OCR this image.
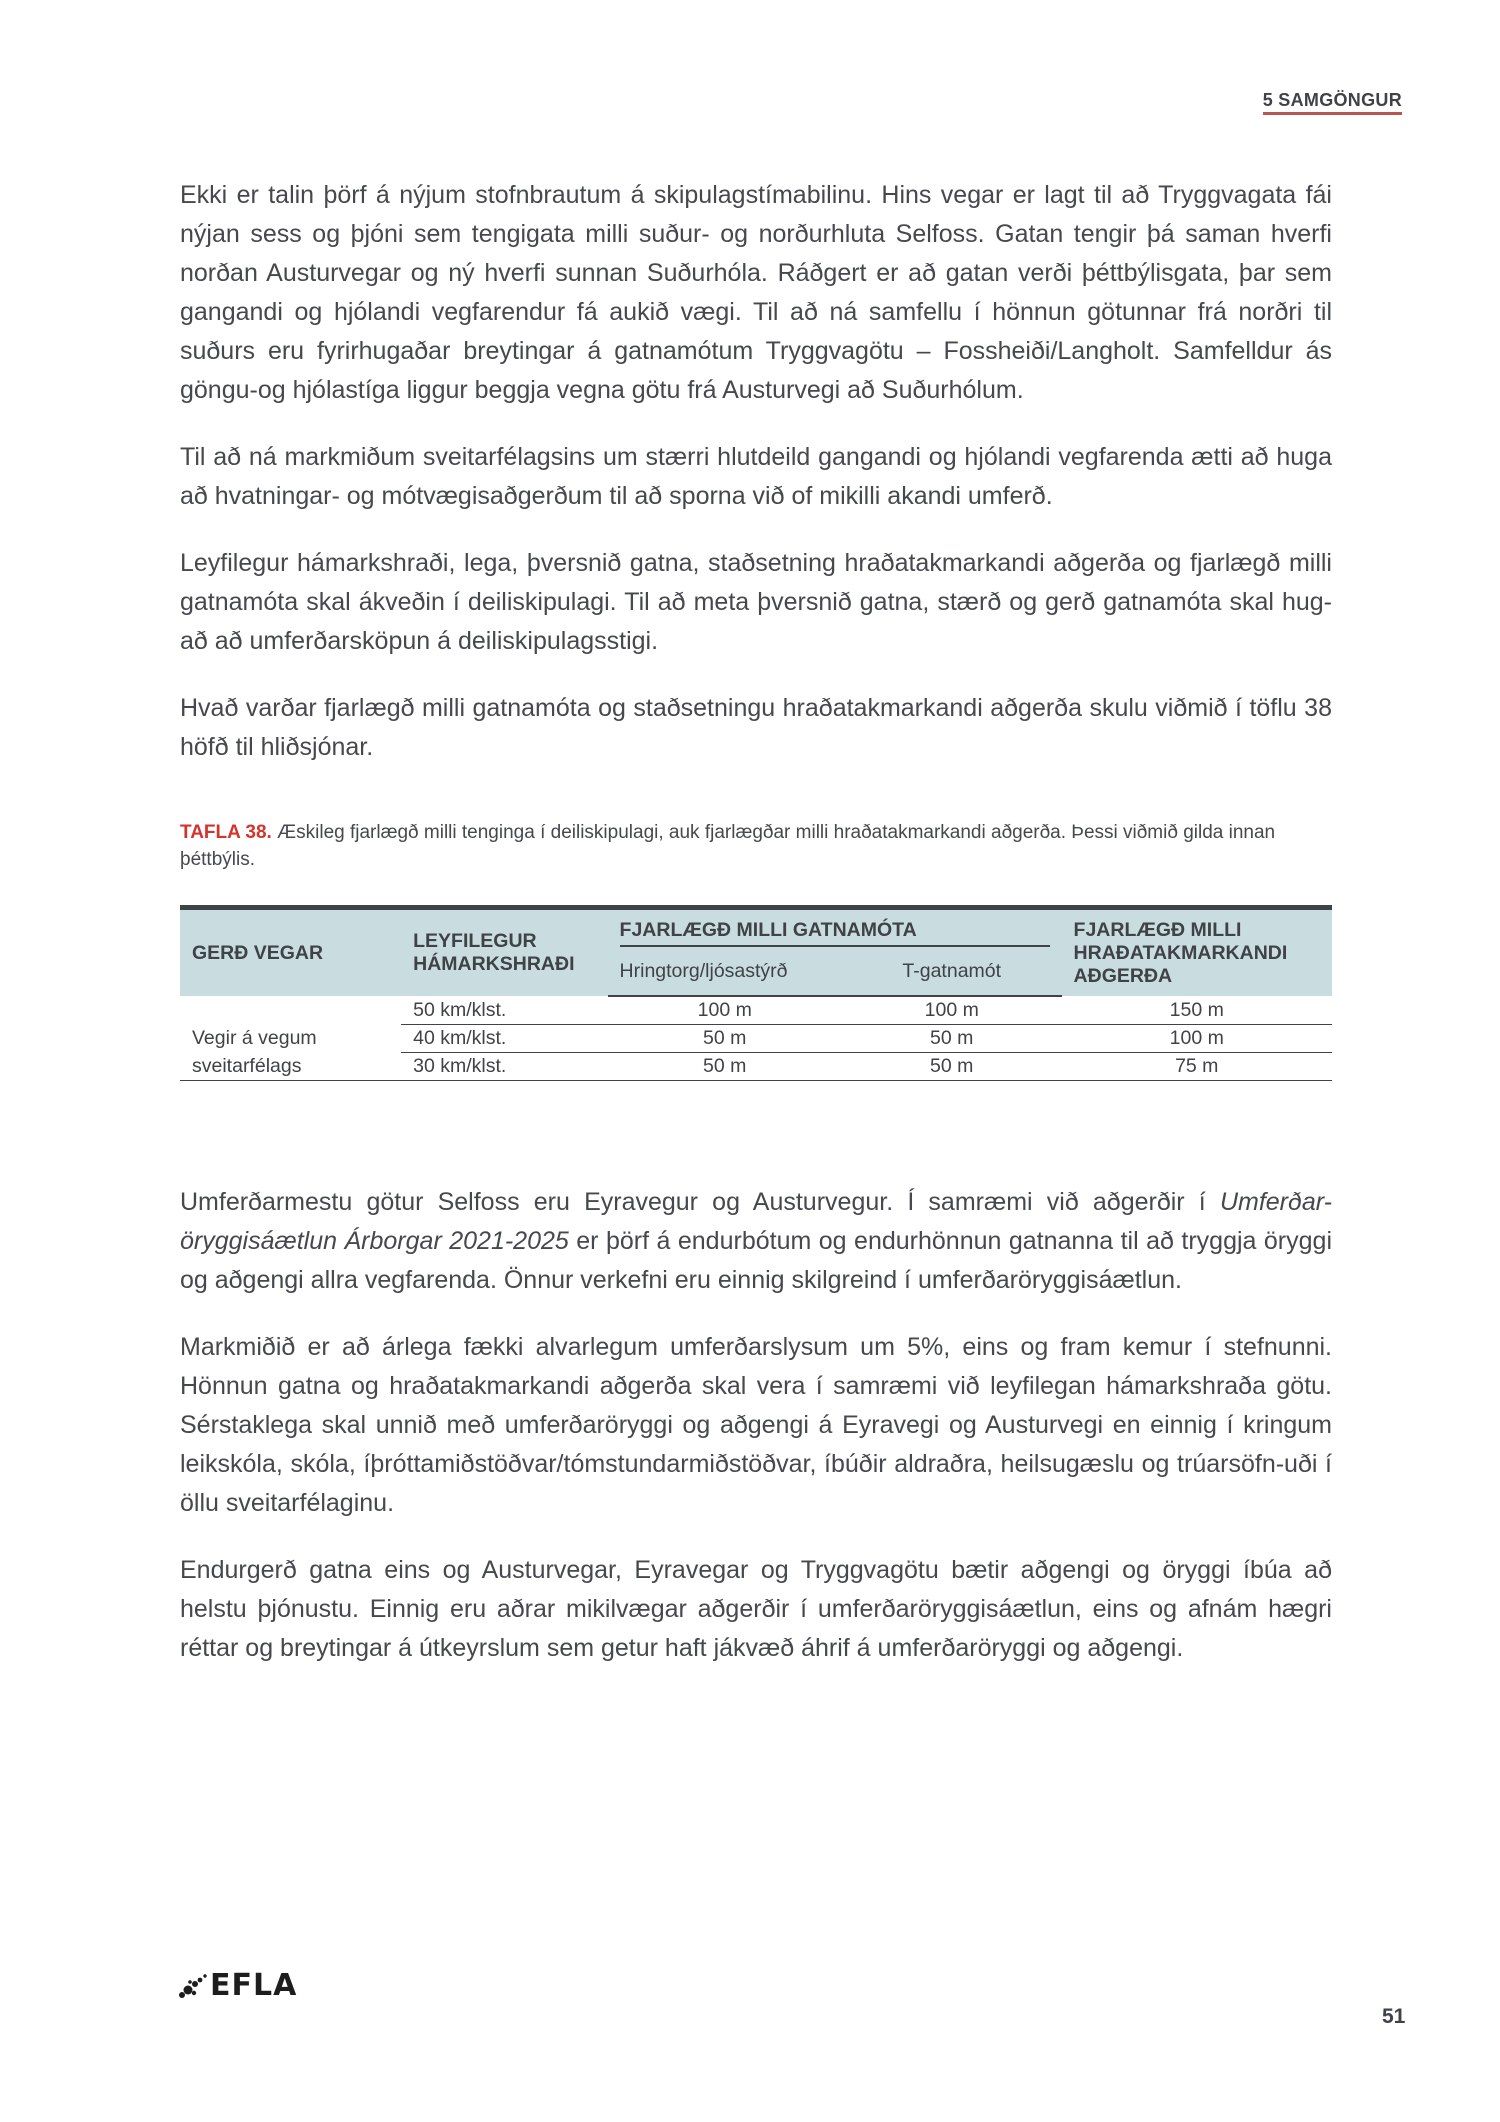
5 SAMGÖNGUR

Ekki er talin þörf á nýjum stofnbrautum á skipulagstímabilinu. Hins vegar er lagt til að Tryggvagata fái nýjan sess og þjóni sem tengigata milli suður- og norðurhluta Selfoss. Gatan tengir þá saman hverfi norðan Austurvegar og ný hverfi sunnan Suðurhóla. Ráðgert er að gatan verði þéttbýlisgata, þar sem gangandi og hjólandi vegfarendur fá aukið vægi. Til að ná samfellu í hönnun götunnar frá norðri til suðurs eru fyrirhugaðar breytingar á gatnamótum Tryggvagötu – Fossheiði/Langholt. Samfelldur ás göngu-og hjólastíga liggur beggja vegna götu frá Austurvegi að Suðurhólum.

Til að ná markmiðum sveitarfélagsins um stærri hlutdeild gangandi og hjólandi vegfarenda ætti að huga að hvatningar- og mótvægisaðgerðum til að sporna við of mikilli akandi umferð.

Leyfilegur hámarkshraði, lega, þversnið gatna, staðsetning hraðatakmarkandi aðgerða og fjarlægð milli gatnamóta skal ákveðin í deiliskipulagi. Til að meta þversnið gatna, stærð og gerð gatnamóta skal hug-að að umferðarsköpun á deiliskipulagsstigi.

Hvað varðar fjarlægð milli gatnamóta og staðsetningu hraðatakmarkandi aðgerða skulu viðmið í töflu 38 höfð til hliðsjónar.

TAFLA 38. Æskileg fjarlægð milli tenginga í deiliskipulagi, auk fjarlægðar milli hraðatakmarkandi aðgerða. Þessi viðmið gilda innan þéttbýlis.
GERÐ VEGAR	LEYFILEGUR HÁMARKSHRAÐI	FJARLÆGÐ MILLI GATNAMÓTA		FJARLÆGÐ MILLI HRAÐATAKMARKANDI AÐGERÐA
		Hringtorg/ljósastýrð	T-gatnamót	
	50 km/klst.	100 m	100 m	150 m
Vegir á vegum	40 km/klst.	50 m	50 m	100 m
sveitarfélags	30 km/klst.	50 m	50 m	75 m

Umferðarmestu götur Selfoss eru Eyravegur og Austurvegur. Í samræmi við aðgerðir í Umferðar-öryggisáætlun Árborgar 2021-2025 er þörf á endurbótum og endurhönnun gatnanna til að tryggja öryggi og aðgengi allra vegfarenda. Önnur verkefni eru einnig skilgreind í umferðaröryggisáætlun.

Markmiðið er að árlega fækki alvarlegum umferðarslysum um 5%, eins og fram kemur í stefnunni. Hönnun gatna og hraðatakmarkandi aðgerða skal vera í samræmi við leyfilegan hámarkshraða götu. Sérstaklega skal unnið með umferðaröryggi og aðgengi á Eyravegi og Austurvegi en einnig í kringum leikskóla, skóla, íþróttamiðstöðvar/tómstundarmiðstöðvar, íbúðir aldraðra, heilsugæslu og trúarsöfn-uði í öllu sveitarfélaginu.

Endurgerð gatna eins og Austurvegar, Eyravegar og Tryggvagötu bætir aðgengi og öryggi íbúa að helstu þjónustu. Einnig eru aðrar mikilvægar aðgerðir í umferðaröryggisáætlun, eins og afnám hægri réttar og breytingar á útkeyrslum sem getur haft jákvæð áhrif á umferðaröryggi og aðgengi.

EFLA
51
